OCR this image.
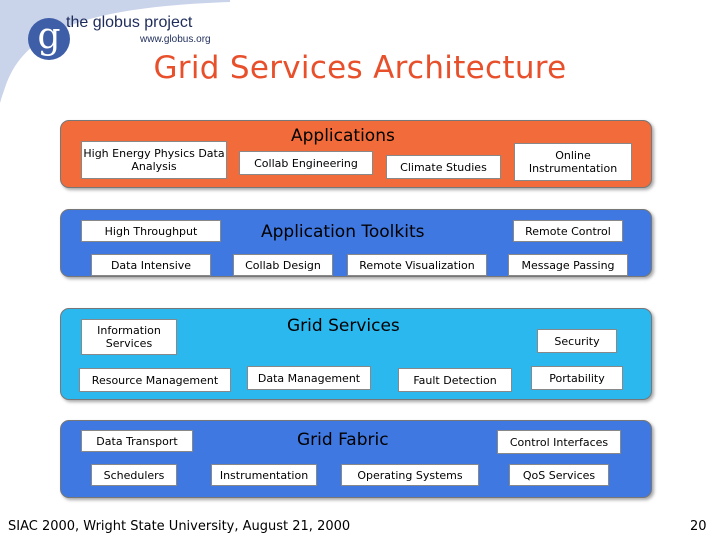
g the globus project
www.globus.org
Grid Services Architecture
Applications
High Energy Physics Data Analysis	Collab Engineering	Climate Studies
Online Instrumentation
Application Toolkits
High Throughput
Data Intensive	Collab Design	Remote Visualization
Remote Control
Message Passing
Grid Services
Information Services
Resource Management	Data Management	Fault Detection
Security
Portability
Grid Fabric
Data Transport
Schedulers	Instrumentation	Operating Systems
Control Interfaces
QoS Services
SIAC 2000, Wright State University, August 21, 2000	20
